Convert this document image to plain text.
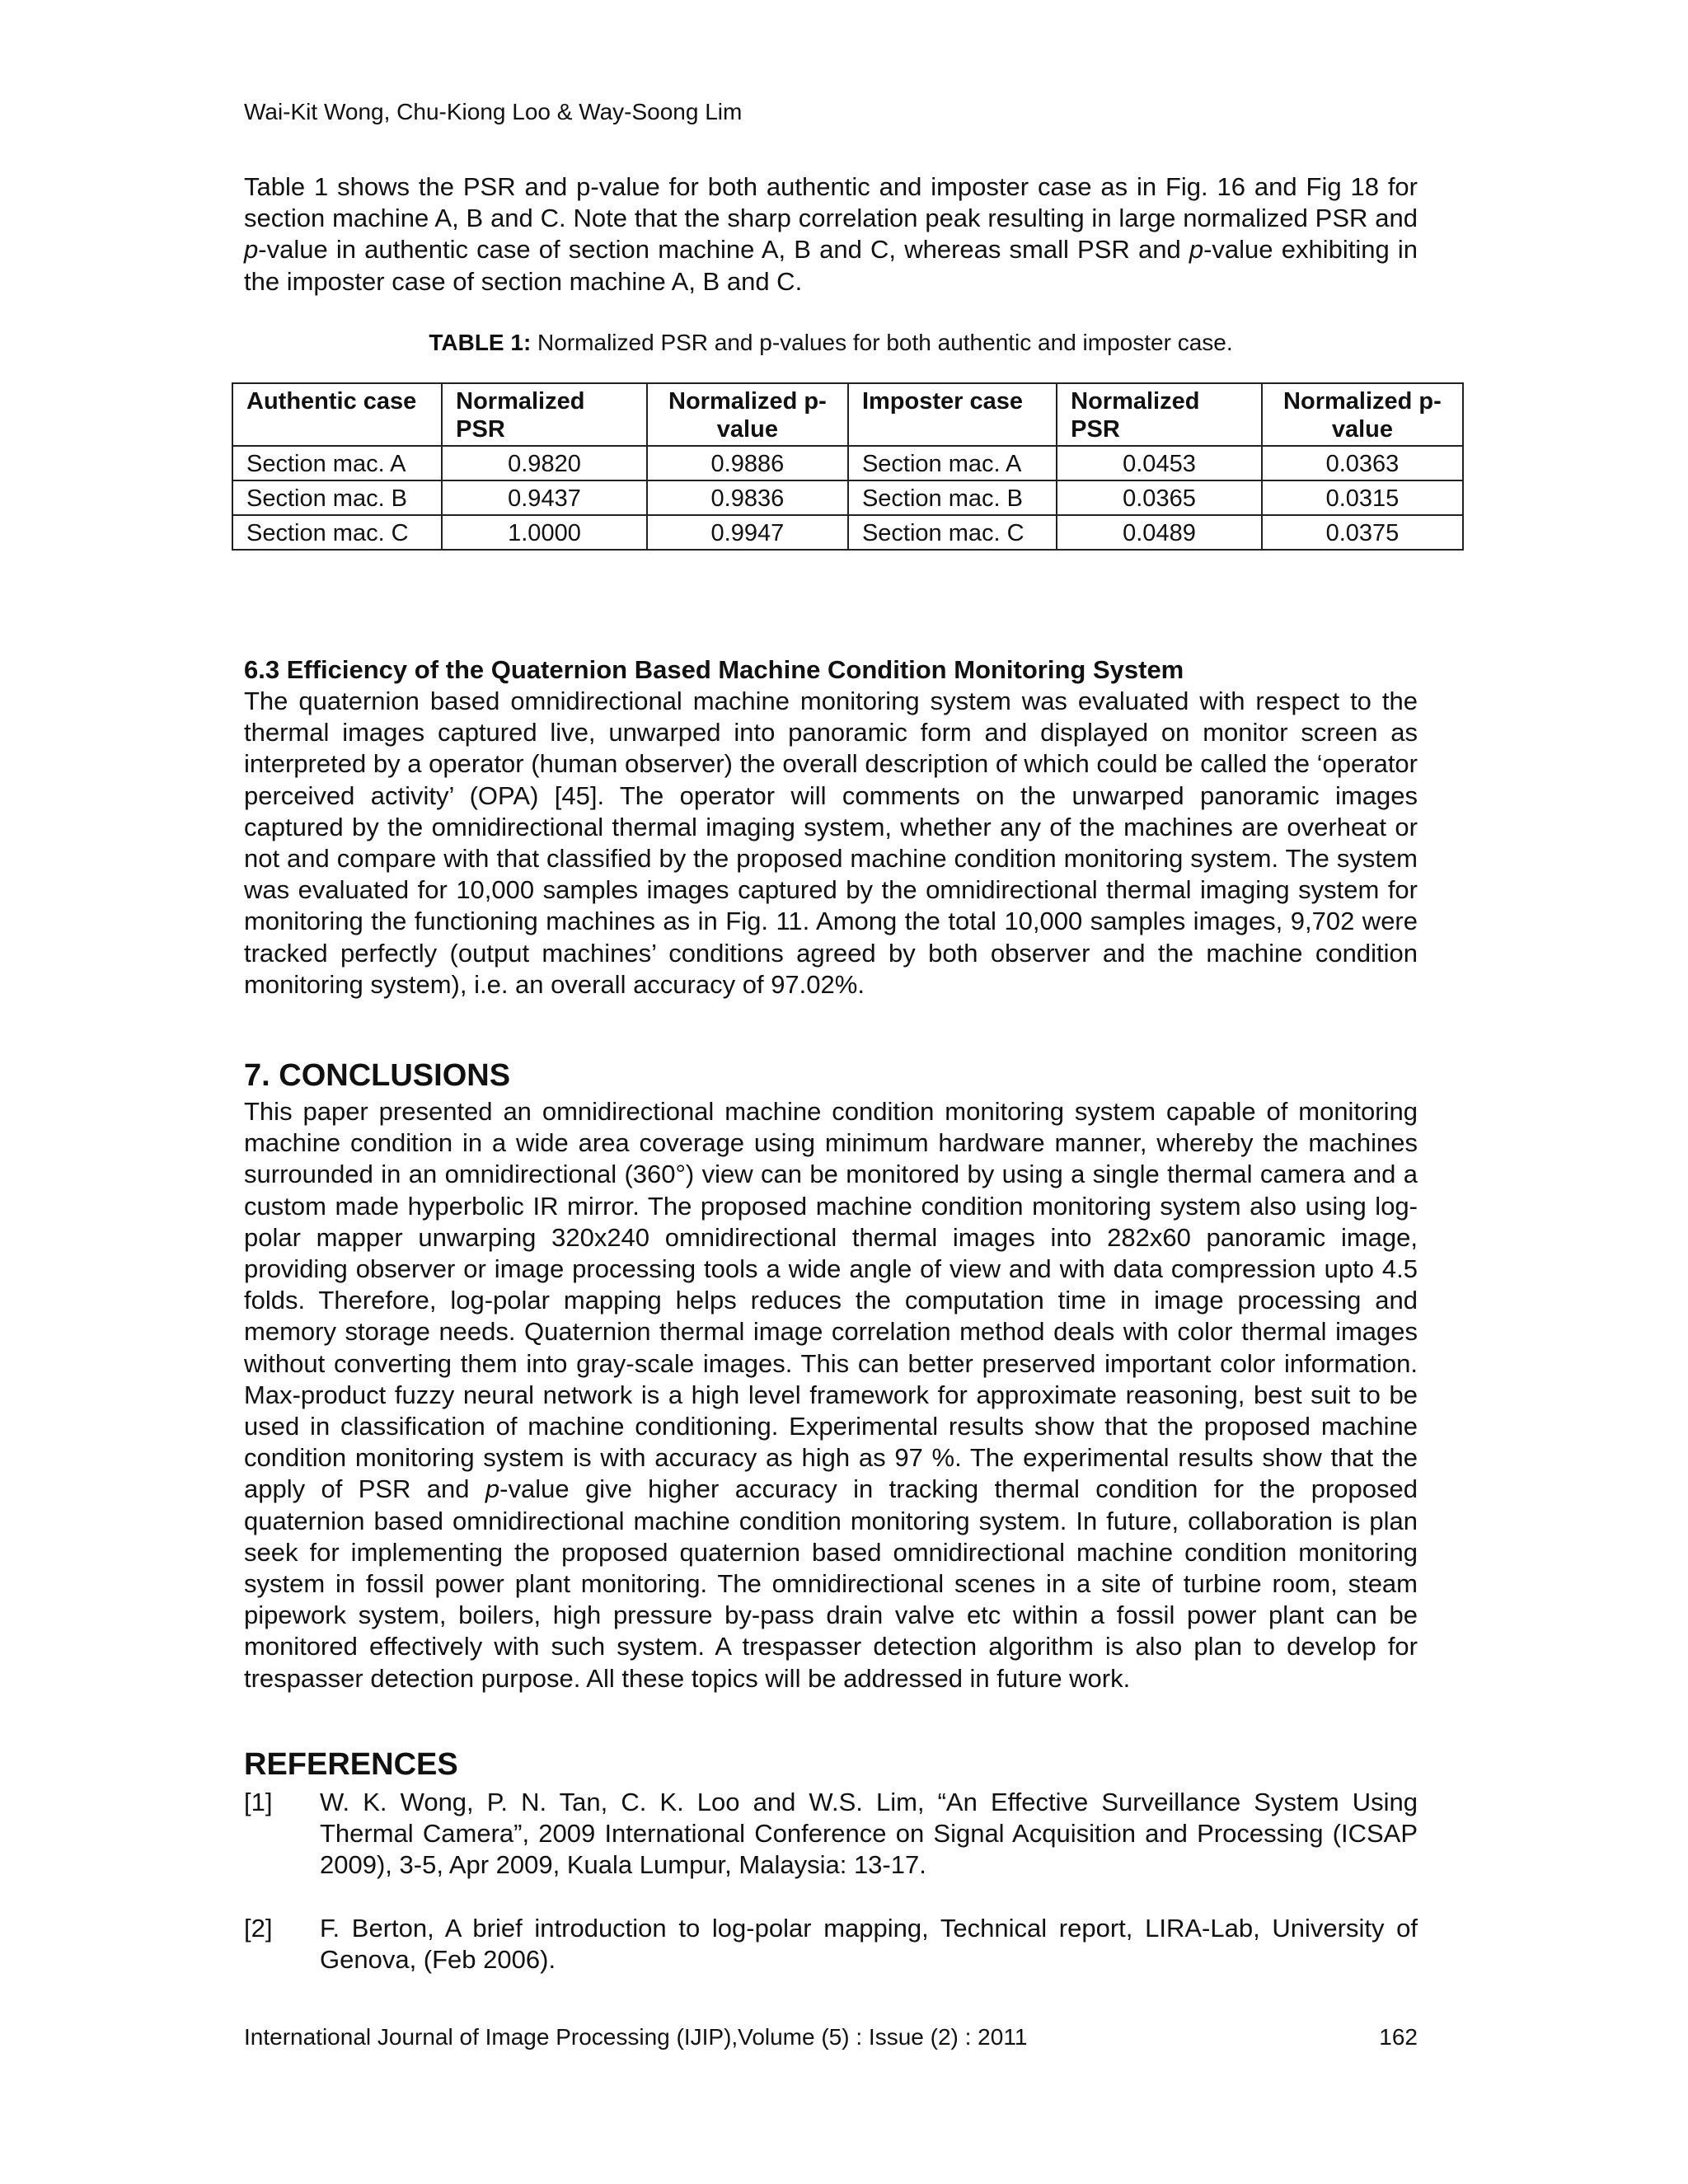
Wai-Kit Wong, Chu-Kiong Loo & Way-Soong Lim

Table 1 shows the PSR and p-value for both authentic and imposter case as in Fig. 16 and Fig 18 for section machine A, B and C. Note that the sharp correlation peak resulting in large normalized PSR and p-value in authentic case of section machine A, B and C, whereas small PSR and p-value exhibiting in the imposter case of section machine A, B and C.

TABLE 1: Normalized PSR and p-values for both authentic and imposter case.
Authentic case	Normalized PSR	Normalized p-value	Imposter case	Normalized PSR	Normalized p-value
Section mac. A	0.9820	0.9886	Section mac. A	0.0453	0.0363
Section mac. B	0.9437	0.9836	Section mac. B	0.0365	0.0315
Section mac. C	1.0000	0.9947	Section mac. C	0.0489	0.0375

6.3 Efficiency of the Quaternion Based Machine Condition Monitoring System

The quaternion based omnidirectional machine monitoring system was evaluated with respect to the thermal images captured live, unwarped into panoramic form and displayed on monitor screen as interpreted by a operator (human observer) the overall description of which could be called the ‘operator perceived activity’ (OPA) [45]. The operator will comments on the unwarped panoramic images captured by the omnidirectional thermal imaging system, whether any of the machines are overheat or not and compare with that classified by the proposed machine condition monitoring system. The system was evaluated for 10,000 samples images captured by the omnidirectional thermal imaging system for monitoring the functioning machines as in Fig. 11. Among the total 10,000 samples images, 9,702 were tracked perfectly (output machines’ conditions agreed by both observer and the machine condition monitoring system), i.e. an overall accuracy of 97.02%.

7. CONCLUSIONS

This paper presented an omnidirectional machine condition monitoring system capable of monitoring machine condition in a wide area coverage using minimum hardware manner, whereby the machines surrounded in an omnidirectional (360°) view can be monitored by using a single thermal camera and a custom made hyperbolic IR mirror. The proposed machine condition monitoring system also using log-polar mapper unwarping 320x240 omnidirectional thermal images into 282x60 panoramic image, providing observer or image processing tools a wide angle of view and with data compression upto 4.5 folds. Therefore, log-polar mapping helps reduces the computation time in image processing and memory storage needs. Quaternion thermal image correlation method deals with color thermal images without converting them into gray-scale images. This can better preserved important color information. Max-product fuzzy neural network is a high level framework for approximate reasoning, best suit to be used in classification of machine conditioning. Experimental results show that the proposed machine condition monitoring system is with accuracy as high as 97 %. The experimental results show that the apply of PSR and p-value give higher accuracy in tracking thermal condition for the proposed quaternion based omnidirectional machine condition monitoring system. In future, collaboration is plan seek for implementing the proposed quaternion based omnidirectional machine condition monitoring system in fossil power plant monitoring. The omnidirectional scenes in a site of turbine room, steam pipework system, boilers, high pressure by-pass drain valve etc within a fossil power plant can be monitored effectively with such system. A trespasser detection algorithm is also plan to develop for trespasser detection purpose. All these topics will be addressed in future work.

REFERENCES
[1]	W. K. Wong, P. N. Tan, C. K. Loo and W.S. Lim, “An Effective Surveillance System Using Thermal Camera”, 2009 International Conference on Signal Acquisition and Processing (ICSAP 2009), 3-5, Apr 2009, Kuala Lumpur, Malaysia: 13-17.
[2]	F. Berton, A brief introduction to log-polar mapping, Technical report, LIRA-Lab, University of Genova, (Feb 2006).
International Journal of Image Processing (IJIP),Volume (5) : Issue (2) : 2011	162
